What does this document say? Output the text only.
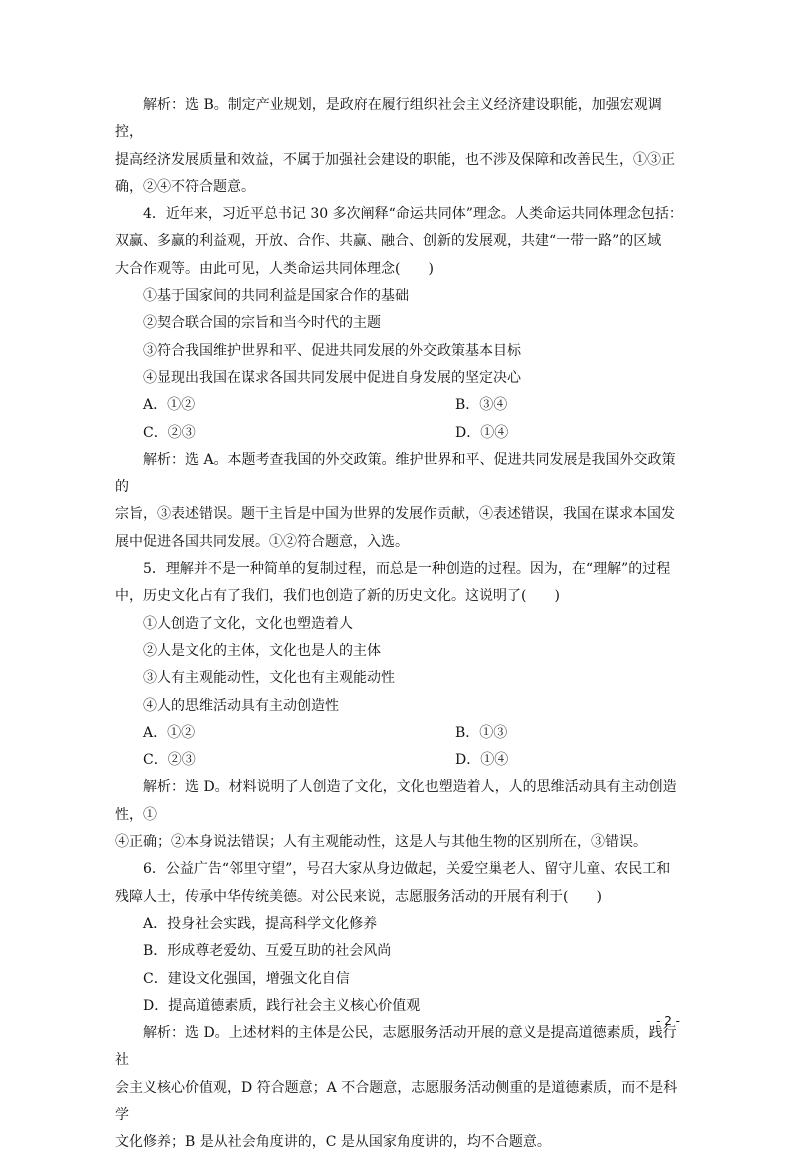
解析：选 B。制定产业规划，是政府在履行组织社会主义经济建设职能，加强宏观调控，

提高经济发展质量和效益，不属于加强社会建设的职能，也不涉及保障和改善民生，①③正

确，②④不符合题意。

4．近年来，习近平总书记 30 多次阐释“命运共同体”理念。人类命运共同体理念包括：

双赢、多赢的利益观，开放、合作、共赢、融合、创新的发展观，共建“一带一路”的区域

大合作观等。由此可见，人类命运共同体理念(　　)

①基于国家间的共同利益是国家合作的基础

②契合联合国的宗旨和当今时代的主题

③符合我国维护世界和平、促进共同发展的外交政策基本目标

④显现出我国在谋求各国共同发展中促进自身发展的坚定决心

A．①②	B．③④
C．②③	D．①④

解析：选 A。本题考查我国的外交政策。维护世界和平、促进共同发展是我国外交政策的

宗旨，③表述错误。题干主旨是中国为世界的发展作贡献，④表述错误，我国在谋求本国发

展中促进各国共同发展。①②符合题意，入选。

5．理解并不是一种简单的复制过程，而总是一种创造的过程。因为，在“理解”的过程

中，历史文化占有了我们，我们也创造了新的历史文化。这说明了(　　)

①人创造了文化，文化也塑造着人

②人是文化的主体，文化也是人的主体

③人有主观能动性，文化也有主观能动性

④人的思维活动具有主动创造性

A．①②	B．①③
C．②③	D．①④

解析：选 D。材料说明了人创造了文化，文化也塑造着人，人的思维活动具有主动创造性，①

④正确；②本身说法错误；人有主观能动性，这是人与其他生物的区别所在，③错误。

6．公益广告“邻里守望”，号召大家从身边做起，关爱空巢老人、留守儿童、农民工和

残障人士，传承中华传统美德。对公民来说，志愿服务活动的开展有利于(　　)

A．投身社会实践，提高科学文化修养

B．形成尊老爱幼、互爱互助的社会风尚

C．建设文化强国，增强文化自信

D．提高道德素质，践行社会主义核心价值观

解析：选 D。上述材料的主体是公民，志愿服务活动开展的意义是提高道德素质，践行社

会主义核心价值观，D 符合题意；A 不合题意，志愿服务活动侧重的是道德素质，而不是科学

文化修养；B 是从社会角度讲的，C 是从国家角度讲的，均不合题意。

- 2 -
